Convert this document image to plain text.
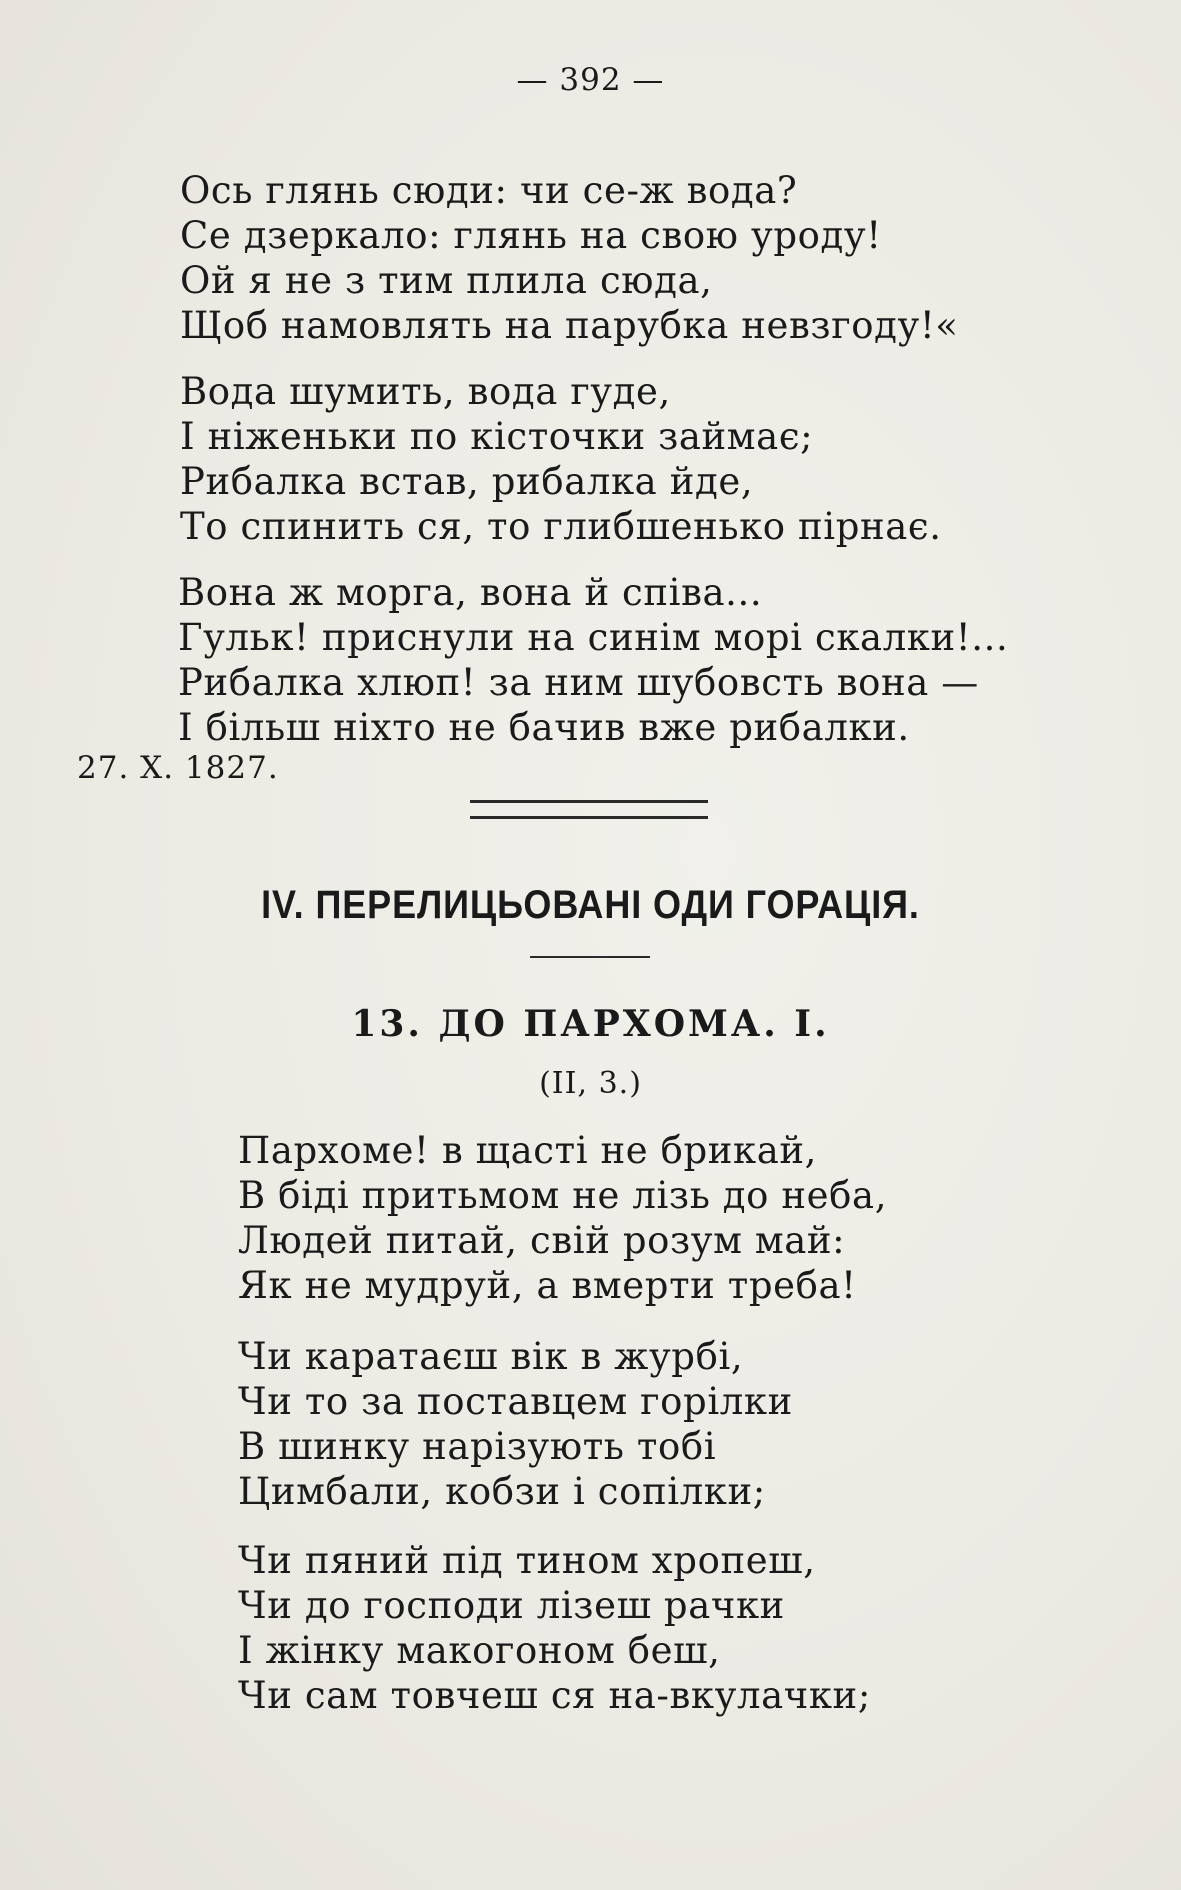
— 392 —
Ось глянь сюди: чи се-ж вода?
Се дзеркало: глянь на свою уроду!
Ой я не з тим плила сюда,
Щоб намовлять на парубка невзгоду!«
Вода шумить, вода гуде,
І ніженьки по кісточки займає;
Рибалка встав, рибалка йде,
То спинить ся, то глибшенько пірнає.
Вона ж морга, вона й співа...
Гульк! приснули на синім морі скалки!...
Рибалка хлюп! за ним шубовсть вона —
І більш ніхто не бачив вже рибалки.
27. X. 1827.
IV. ПЕРЕЛИЦЬОВАНІ ОДИ ГОРАЦІЯ.
13. ДО ПАРХОМА. I.
(II, 3.)
Пархоме! в щасті не брикай,
В біді притьмом не лізь до неба,
Людей питай, свій розум май:
Як не мудруй, а вмерти треба!
Чи каратаєш вік в журбі,
Чи то за поставцем горілки
В шинку нарізують тобі
Цимбали, кобзи і сопілки;
Чи пяний під тином хропеш,
Чи до господи лізеш рачки
І жінку макогоном беш,
Чи сам товчеш ся на-вкулачки;
